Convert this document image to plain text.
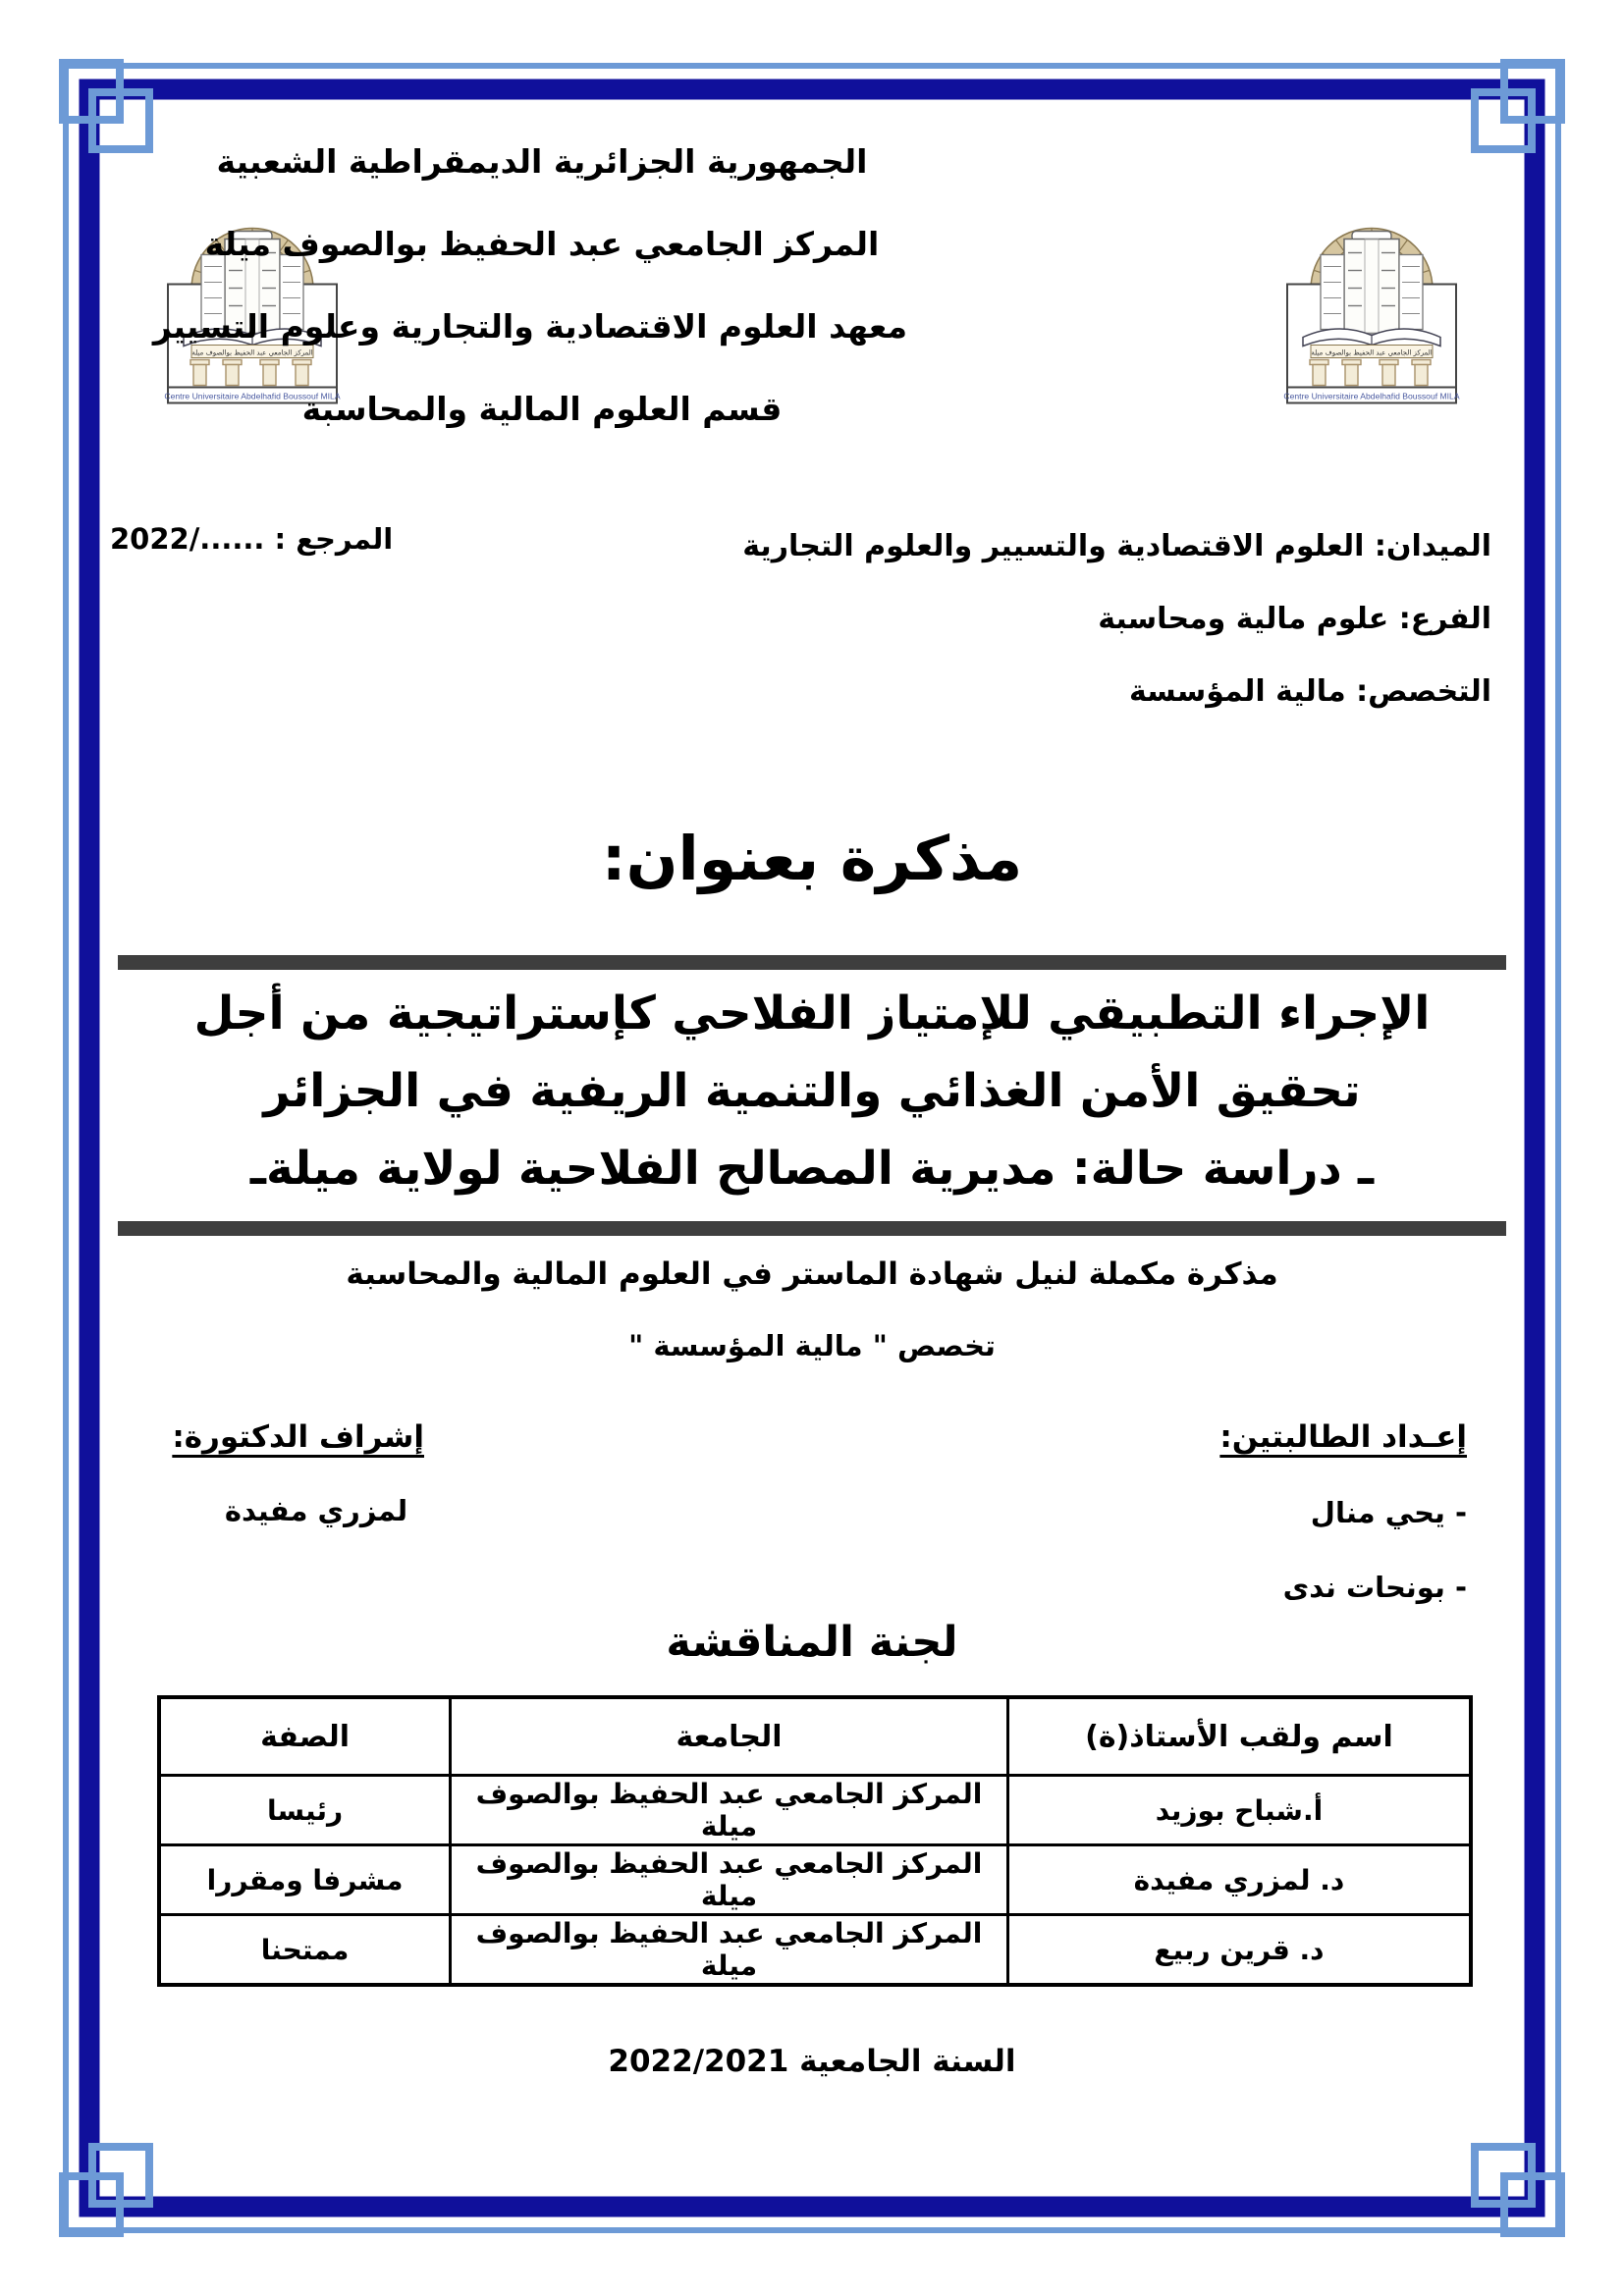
المركز الجامعي عبد الحفيظ بوالصوف ميلة
Centre Universitaire Abdelhafid Boussouf MILA
المركز الجامعي عبد الحفيظ بوالصوف ميلة
Centre Universitaire Abdelhafid Boussouf MILA
الجمهورية الجزائرية الديمقراطية الشعبية
المركز الجامعي عبد الحفيظ بوالصوف ميلة
معهد العلوم الاقتصادية والتجارية وعلوم التسيير
قسم العلوم المالية والمحاسبة
الميدان: العلوم الاقتصادية والتسيير والعلوم التجارية
الفرع: علوم مالية ومحاسبة
التخصص: مالية المؤسسة
المرجع : ....../2022
مذكرة بعنوان:
الإجراء التطبيقي للإمتياز الفلاحي كإستراتيجية من أجل
تحقيق الأمن الغذائي والتنمية الريفية في الجزائر
ـ دراسة حالة: مديرية المصالح الفلاحية لولاية ميلةـ
مذكرة مكملة لنيل شهادة الماستر في العلوم المالية والمحاسبة
تخصص " مالية المؤسسة "
إعـداد الطالبتين:
- يحي منال
- بونحات ندى
إشراف الدكتورة:
لمزري مفيدة
لجنة المناقشة
اسم ولقب الأستاذ(ة)	الجامعة	الصفة
أ.شباح بوزيد	المركز الجامعي عبد الحفيظ بوالصوف ميلة	رئيسا
د. لمزري مفيدة	المركز الجامعي عبد الحفيظ بوالصوف ميلة	مشرفا ومقررا
د. قرين ربيع	المركز الجامعي عبد الحفيظ بوالصوف ميلة	ممتحنا
السنة الجامعية 2022/2021
